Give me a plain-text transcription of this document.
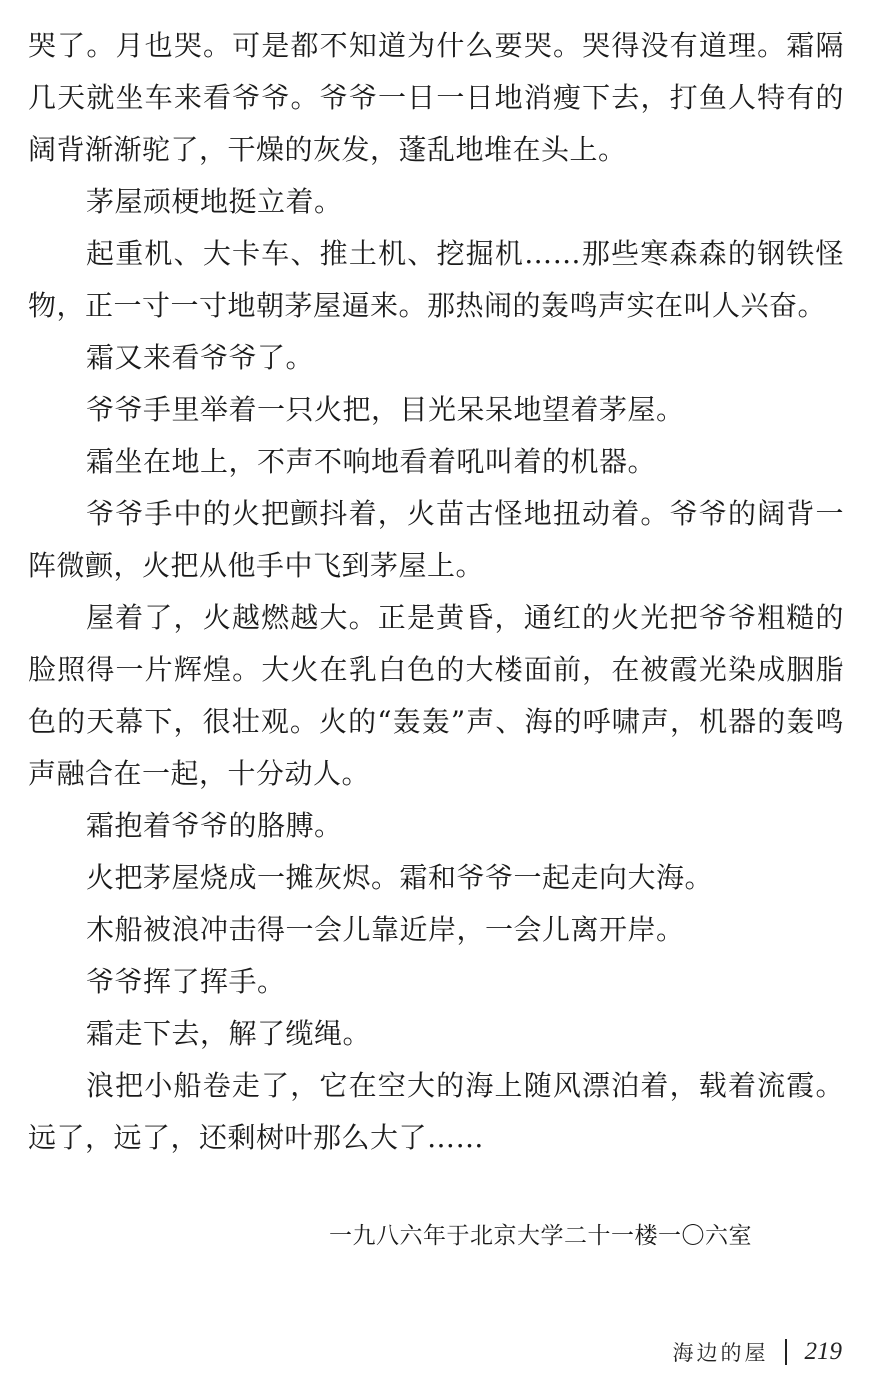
哭了。月也哭。可是都不知道为什么要哭。哭得没有道理。霜隔几天就坐车来看爷爷。爷爷一日一日地消瘦下去，打鱼人特有的阔背渐渐驼了，干燥的灰发，蓬乱地堆在头上。

茅屋顽梗地挺立着。

起重机、大卡车、推土机、挖掘机……那些寒森森的钢铁怪物，正一寸一寸地朝茅屋逼来。那热闹的轰鸣声实在叫人兴奋。

霜又来看爷爷了。

爷爷手里举着一只火把，目光呆呆地望着茅屋。

霜坐在地上，不声不响地看着吼叫着的机器。

爷爷手中的火把颤抖着，火苗古怪地扭动着。爷爷的阔背一阵微颤，火把从他手中飞到茅屋上。

屋着了，火越燃越大。正是黄昏，通红的火光把爷爷粗糙的脸照得一片辉煌。大火在乳白色的大楼面前，在被霞光染成胭脂色的天幕下，很壮观。火的“轰轰”声、海的呼啸声，机器的轰鸣声融合在一起，十分动人。

霜抱着爷爷的胳膊。

火把茅屋烧成一摊灰烬。霜和爷爷一起走向大海。

木船被浪冲击得一会儿靠近岸，一会儿离开岸。

爷爷挥了挥手。

霜走下去，解了缆绳。

浪把小船卷走了，它在空大的海上随风漂泊着，载着流霞。远了，远了，还剩树叶那么大了……

一九八六年于北京大学二十一楼一〇六室
海边的屋 219
